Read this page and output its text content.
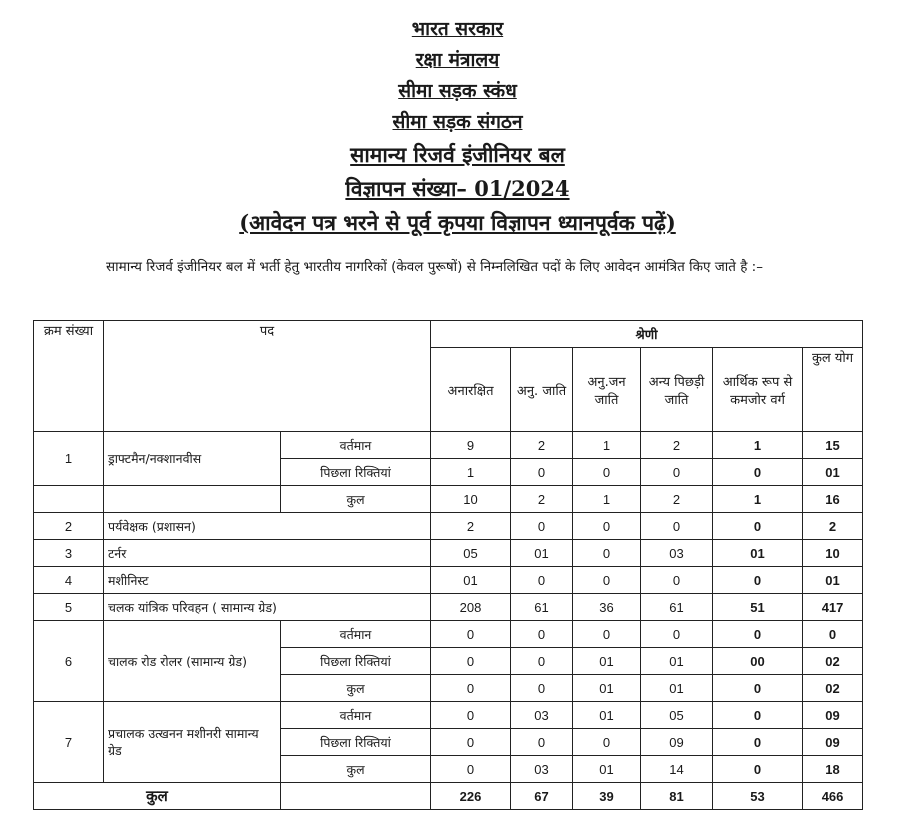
भारत सरकार
रक्षा मंत्रालय
सीमा सड़क स्कंध
सीमा सड़क संगठन
सामान्य रिजर्व इंजीनियर बल
विज्ञापन संख्या– 01/2024
(आवेदन पत्र भरने से पूर्व कृपया विज्ञापन ध्यानपूर्वक पढ़ें)
सामान्य रिजर्व इंजीनियर बल में भर्ती हेतु भारतीय नागरिकों (केवल पुरूषों) से निम्नलिखित पदों के लिए आवेदन आमंत्रित किए जाते है :–
क्रम संख्या	पद		श्रेणी					
			अनारक्षित	अनु. जाति	अनु.जन जाति	अन्य पिछड़ी जाति	आर्थिक रूप से कमजोर वर्ग	कुल योग
1	ड्राफ्टमैन/नक्शानवीस	वर्तमान	9	2	1	2	1	15
		पिछला रिक्तियां	1	0	0	0	0	01
		कुल	10	2	1	2	1	16
2	पर्यवेक्षक (प्रशासन)		2	0	0	0	0	2
3	टर्नर		05	01	0	03	01	10
4	मशीनिस्ट		01	0	0	0	0	01
5	चलक यांत्रिक परिवहन ( सामान्य ग्रेड)		208	61	36	61	51	417
6	चालक रोड रोलर (सामान्य ग्रेड)	वर्तमान	0	0	0	0	0	0
		पिछला रिक्तियां	0	0	01	01	00	02
		कुल	0	0	01	01	0	02
7	प्रचालक उत्खनन मशीनरी सामान्य ग्रेड	वर्तमान	0	03	01	05	0	09
		पिछला रिक्तियां	0	0	0	09	0	09
		कुल	0	03	01	14	0	18
कुल			226	67	39	81	53	466
